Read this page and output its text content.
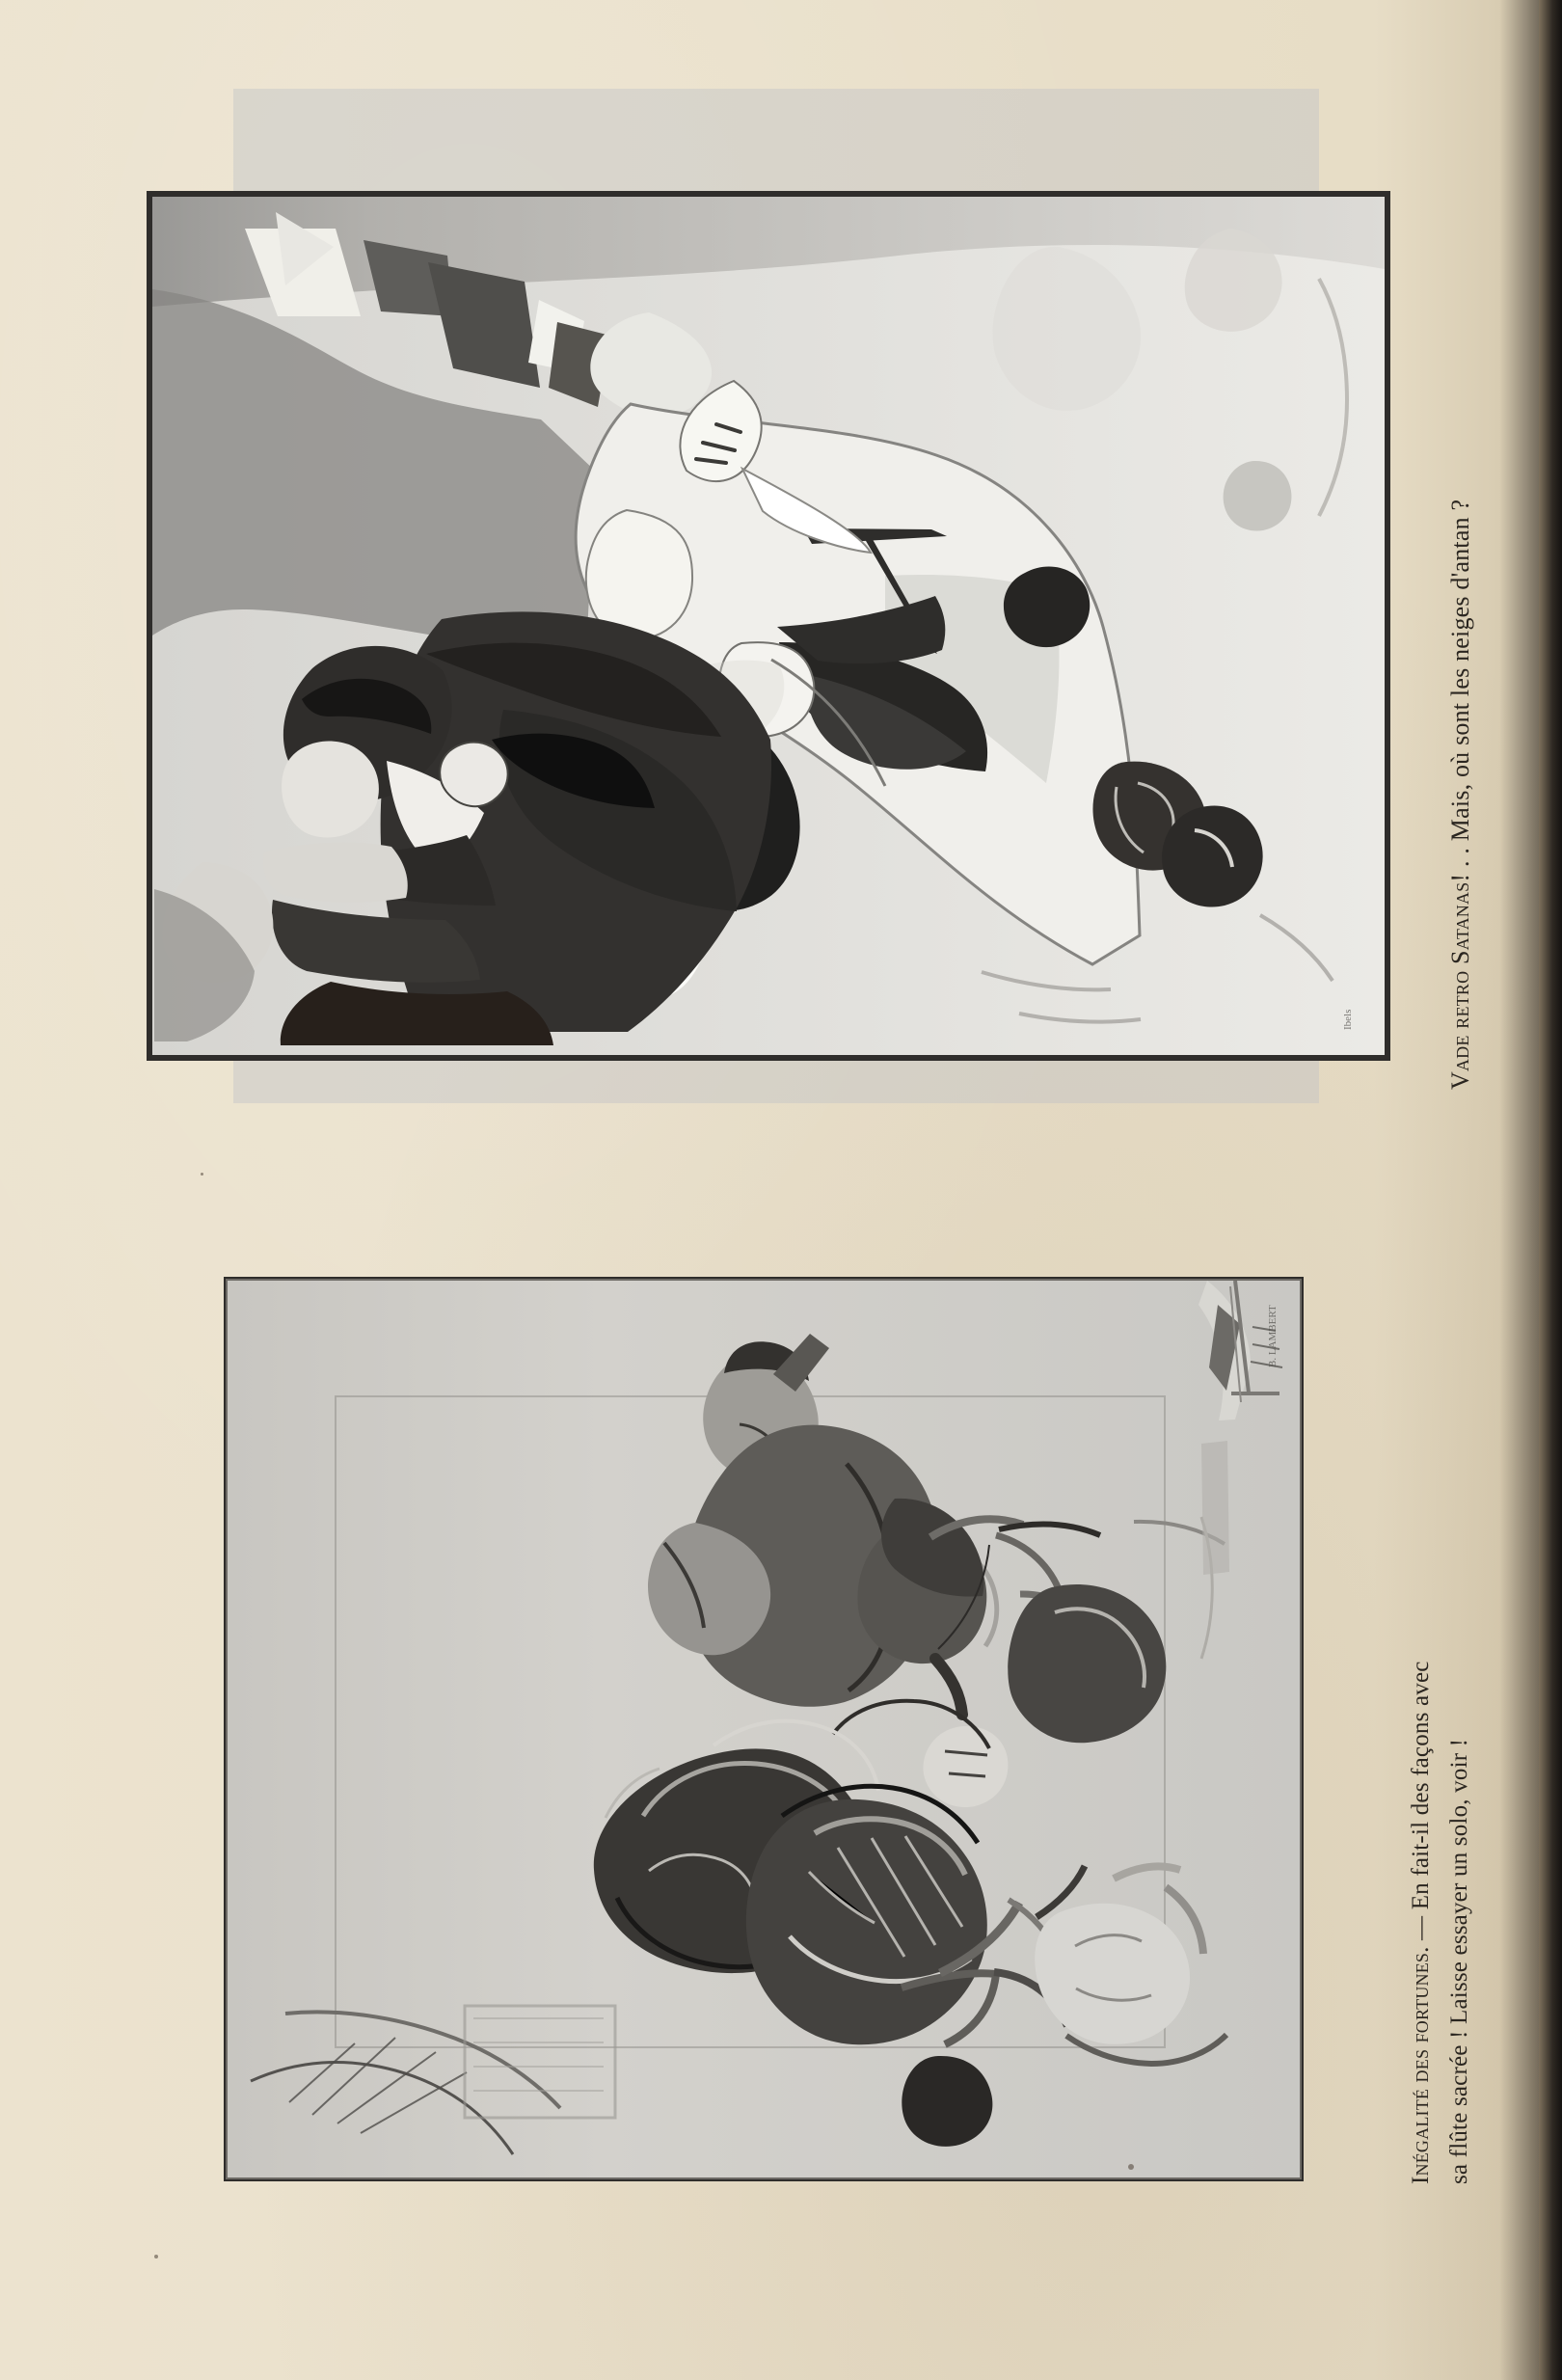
Vade retro Satanas! . . Mais, où sont les neiges d'antan ?
Inégalité des fortunes. — En fait-il des façons avec sa flûte sacrée ! Laisse essayer un solo, voir !
Ibels
B. LAMBERT
